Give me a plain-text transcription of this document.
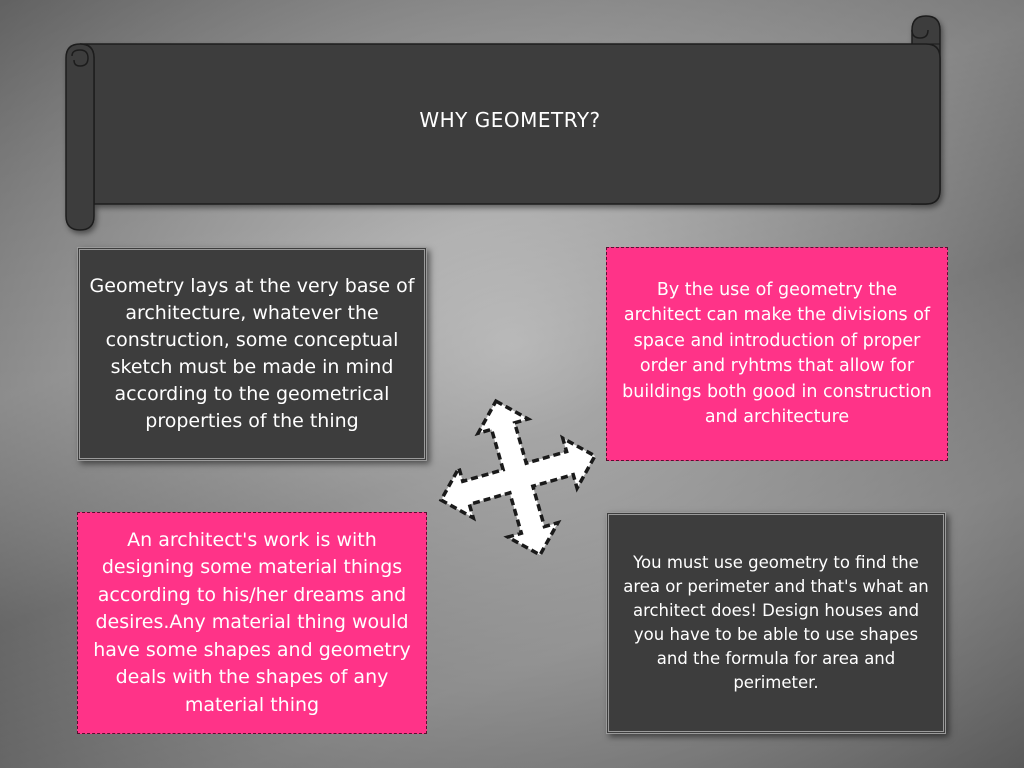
WHY GEOMETRY?
Geometry lays at the very base of architecture, whatever the construction, some conceptual sketch must be made in mind according to the geometrical properties of the thing
By the use of geometry the architect can make the divisions of space and introduction of proper order and ryhtms that allow for buildings both good in construction and architecture
An architect's work is with designing some material things according to his/her dreams and desires.Any material thing would have some shapes and geometry deals with the shapes of any material thing
You must use geometry to find the area or perimeter and that's what an architect does! Design houses and you have to be able to use shapes and the formula for area and perimeter.
